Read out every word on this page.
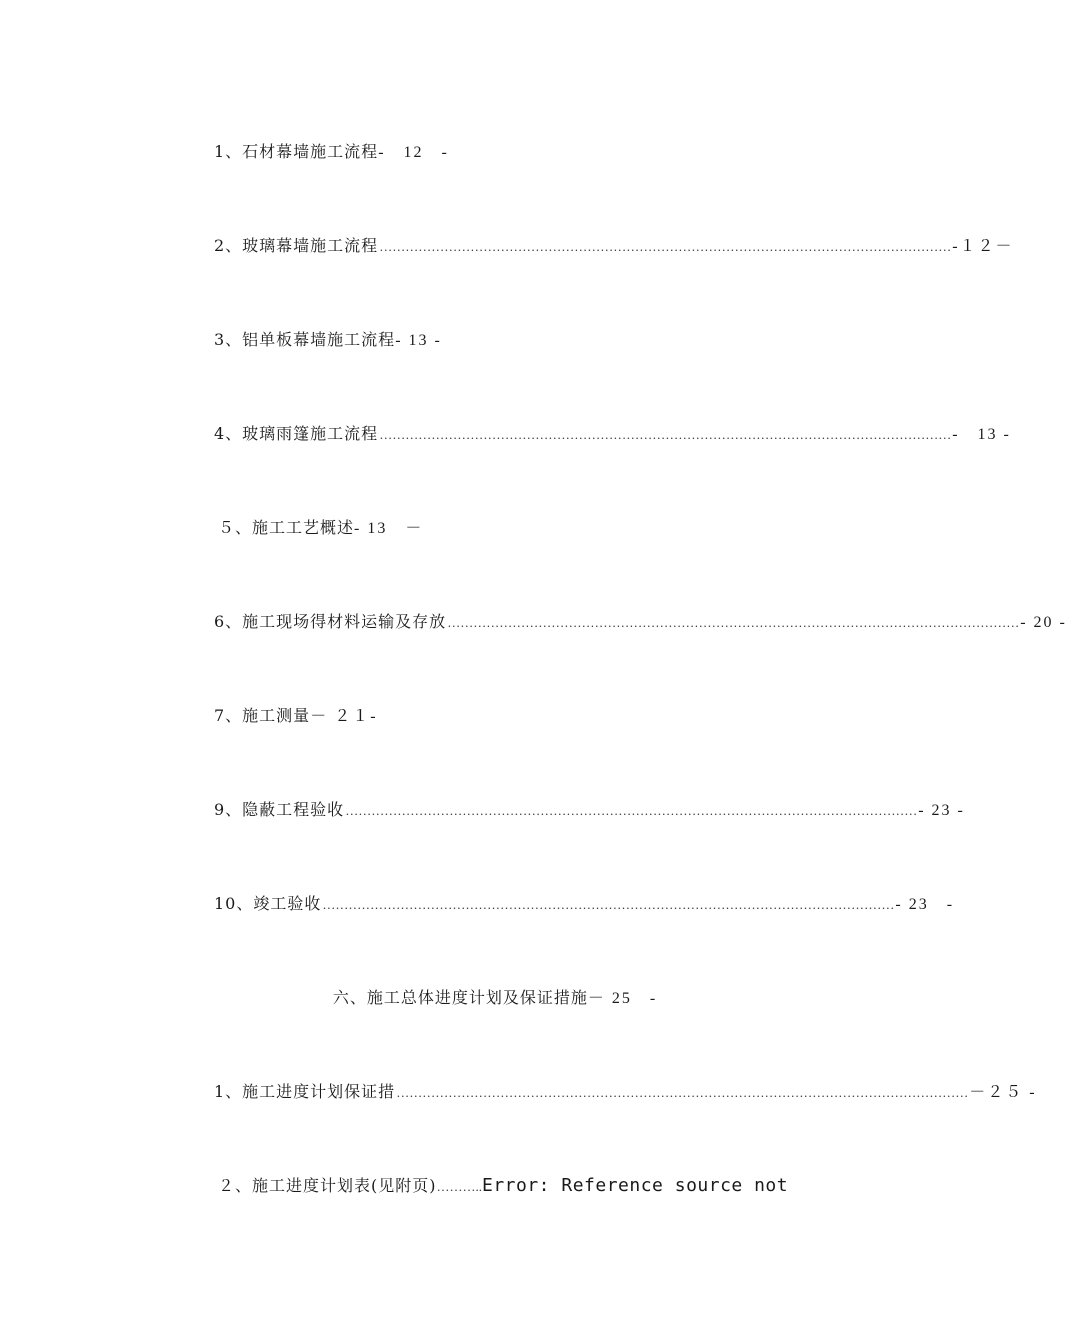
1、石材幕墙施工流程 -　12　-
2、玻璃幕墙施工流程 …………………………………………………………………………………………………………………… -１２－
3、铝单板幕墙施工流程 - 13 -
4、玻璃雨篷施工流程 …………………………………………………………………………………………………………………… -　13 -
５、施工工艺概述 - 13　－
6、施工现场得材料运输及存放 …………………………………………………………………………………………………………………… - 20 -
7、施工测量 － ２１-
9、隐蔽工程验收 …………………………………………………………………………………………………………………… - 23 -
10、竣工验收 …………………………………………………………………………………………………………………… - 23　-
六、施工总体进度计划及保证措施 － 25　-
1、施工进度计划保证措 …………………………………………………………………………………………………………………… －２５ -
２、施工进度计划表(见附页) ……….. Error: Reference source not
